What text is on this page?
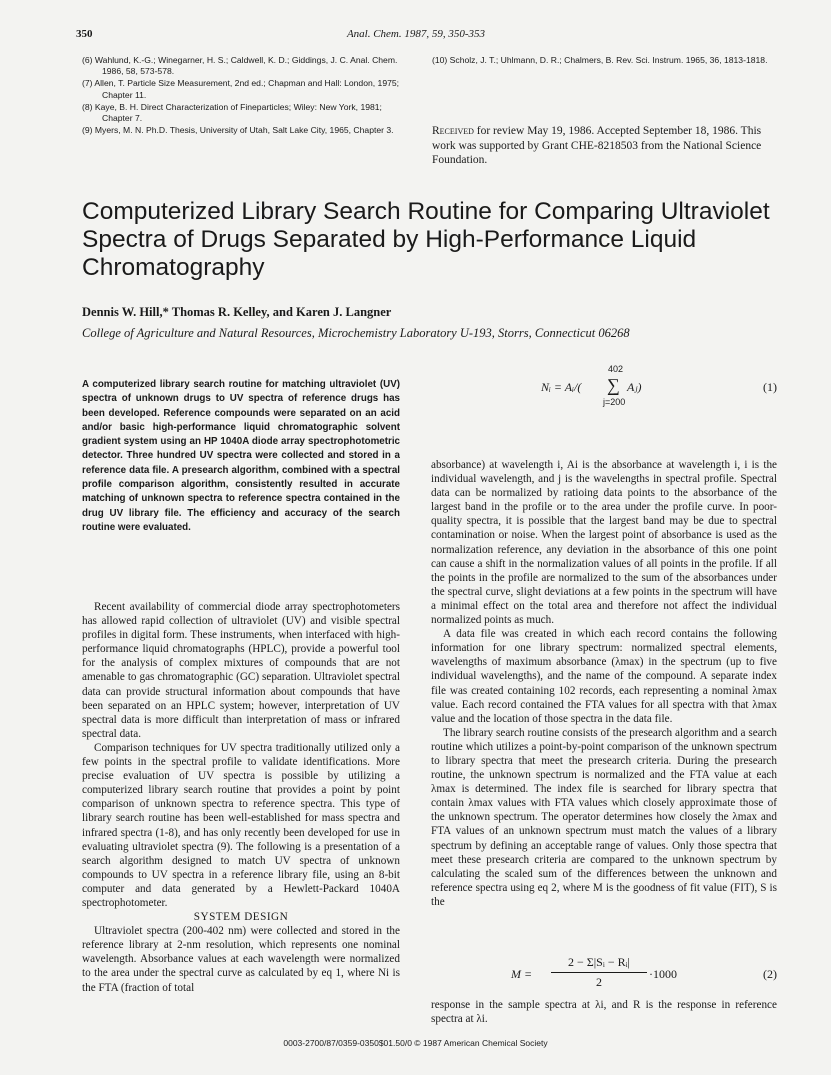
350	Anal. Chem. 1987, 59, 350-353

(6) Wahlund, K.-G.; Winegarner, H. S.; Caldwell, K. D.; Giddings, J. C. Anal. Chem. 1986, 58, 573-578.

(7) Allen, T. Particle Size Measurement, 2nd ed.; Chapman and Hall: London, 1975; Chapter 11.

(8) Kaye, B. H. Direct Characterization of Fineparticles; Wiley: New York, 1981; Chapter 7.

(9) Myers, M. N. Ph.D. Thesis, University of Utah, Salt Lake City, 1965, Chapter 3.

(10) Scholz, J. T.; Uhlmann, D. R.; Chalmers, B. Rev. Sci. Instrum. 1965, 36, 1813-1818.

Received for review May 19, 1986. Accepted September 18, 1986. This work was supported by Grant CHE-8218503 from the National Science Foundation.
Computerized Library Search Routine for Comparing Ultraviolet Spectra of Drugs Separated by High-Performance Liquid Chromatography
Dennis W. Hill,* Thomas R. Kelley, and Karen J. Langner
College of Agriculture and Natural Resources, Microchemistry Laboratory U-193, Storrs, Connecticut 06268
A computerized library search routine for matching ultraviolet (UV) spectra of unknown drugs to UV spectra of reference drugs has been developed. Reference compounds were separated on an acid and/or basic high-performance liquid chromatographic solvent gradient system using an HP 1040A diode array spectrophotometric detector. Three hundred UV spectra were collected and stored in a reference data file. A presearch algorithm, combined with a spectral profile comparison algorithm, consistently resulted in accurate matching of unknown spectra to reference spectra contained in the drug UV library file. The efficiency and accuracy of the search routine were evaluated.

Recent availability of commercial diode array spectrophotometers has allowed rapid collection of ultraviolet (UV) and visible spectral profiles in digital form. These instruments, when interfaced with high-performance liquid chromatographs (HPLC), provide a powerful tool for the analysis of complex mixtures of compounds that are not amenable to gas chromatographic (GC) separation. Ultraviolet spectral data can provide structural information about compounds that have been separated on an HPLC system; however, interpretation of UV spectral data is more difficult than interpretation of mass or infrared spectral data.

Comparison techniques for UV spectra traditionally utilized only a few points in the spectral profile to validate identifications. More precise evaluation of UV spectra is possible by utilizing a computerized library search routine that provides a point by point comparison of unknown spectra to reference spectra. This type of library search routine has been well-established for mass spectra and infrared spectra (1-8), and has only recently been developed for use in evaluating ultraviolet spectra (9). The following is a presentation of a search algorithm designed to match UV spectra of unknown compounds to UV spectra in a reference library file, using an 8-bit computer and data generated by a Hewlett-Packard 1040A spectrophotometer.

SYSTEM DESIGN

Ultraviolet spectra (200-402 nm) were collected and stored in the reference library at 2-nm resolution, which represents one nominal wavelength. Absorbance values at each wavelength were normalized to the area under the spectral curve as calculated by eq 1, where Ni is the FTA (fraction of total

Nᵢ = Aᵢ/(
402
∑
j=200
Aⱼ)	(1)

absorbance) at wavelength i, Ai is the absorbance at wavelength i, i is the individual wavelength, and j is the wavelengths in spectral profile. Spectral data can be normalized by ratioing data points to the absorbance of the largest band in the profile or to the area under the profile curve. In poor-quality spectra, it is possible that the largest band may be due to spectral contamination or noise. When the largest point of absorbance is used as the normalization reference, any deviation in the absorbance of this one point can cause a shift in the normalization values of all points in the profile. If all the points in the profile are normalized to the sum of the absorbances under the spectral curve, slight deviations at a few points in the spectrum will have a minimal effect on the total area and therefore not affect the individual normalized points as much.

A data file was created in which each record contains the following information for one library spectrum: normalized spectral elements, wavelengths of maximum absorbance (λmax) in the spectrum (up to five individual wavelengths), and the name of the compound. A separate index file was created containing 102 records, each representing a nominal λmax value. Each record contained the FTA values for all spectra with that λmax value and the location of those spectra in the data file.

The library search routine consists of the presearch algorithm and a search routine which utilizes a point-by-point comparison of the unknown spectrum to library spectra that meet the presearch criteria. During the presearch routine, the unknown spectrum is normalized and the FTA value at each λmax is determined. The index file is searched for library spectra that contain λmax values with FTA values which closely approximate those of the unknown spectrum. The operator determines how closely the λmax and FTA values of an unknown spectrum must match the values of a library spectrum by defining an acceptable range of values. Only those spectra that meet these presearch criteria are compared to the unknown spectrum by calculating the scaled sum of the differences between the unknown and reference spectra using eq 2, where M is the goodness of fit value (FIT), S is the

M =
2 − Σ|Sᵢ − Rᵢ|
2
·1000	(2)

response in the sample spectra at λi, and R is the response in reference spectra at λi.

0003-2700/87/0359-0350$01.50/0 © 1987 American Chemical Society
